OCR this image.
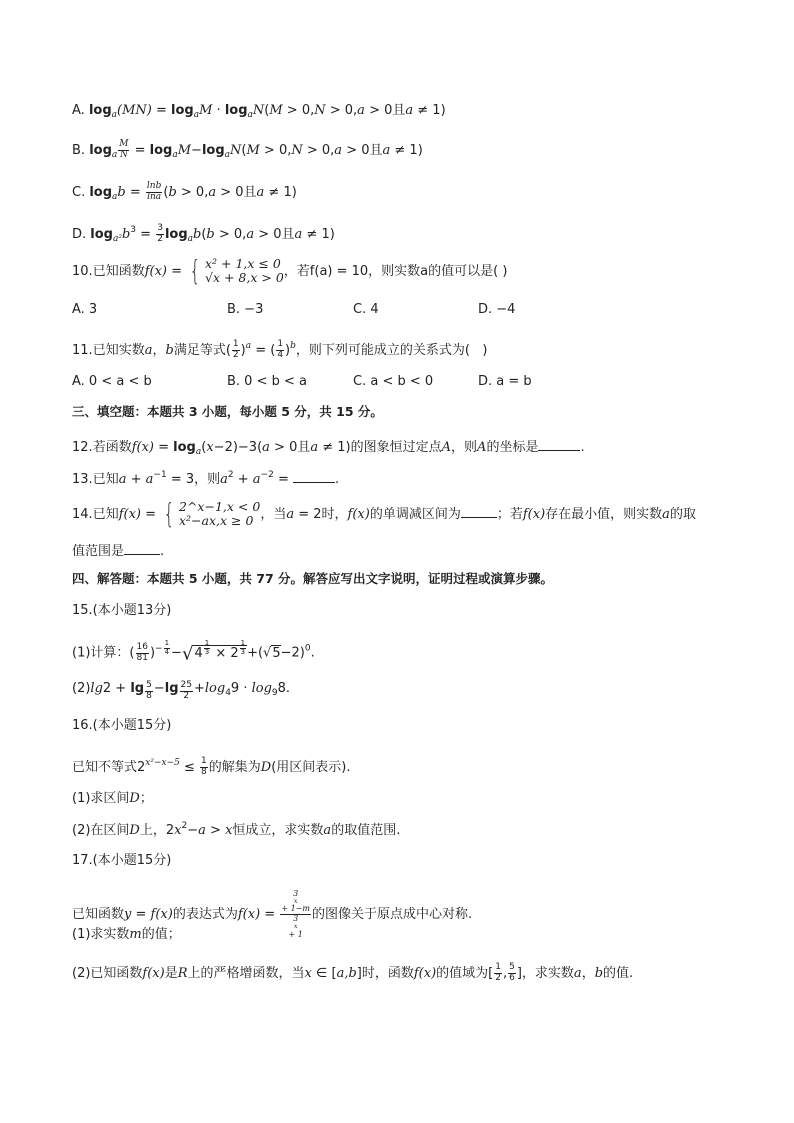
A. $\log_a(MN) = \log_aM \cdot \log_aN(M > 0,N > 0,a > 0$且a ≠ 1)
B. $\log_a \frac{M}{N} = \log_aM-\log_aN(M > 0,N > 0,a > 0$且a ≠ 1)
C. $\log_ab = \frac{\ln b}{\ln a} (b > 0,a > 0$且a ≠ 1)
D. $\log_{a^2}b^3 = \frac{3}{2} \log_ab(b > 0,a > 0$且a ≠ 1)
10.已知函数f(x) = { x² + 1,x ≤ 0
√x + 8,x > 0 ，若f(a) = 10，则实数a的值可以是( )
A. 3	B. −3	C. 4	D. −4
11.已知实数a，b满足等式( $\frac{1}{2} )^a$ = ( $\frac{1}{4} )^b$，则下列可能成立的关系式为(   )
A. 0 < a < b	B. 0 < b < a	C. a < b < 0	D. a = b
三、填空题：本题共 3 小题，每小题 5 分，共 15 分。
12.若函数$f(x) = \log_a(x-2)-3(a > 0$且a ≠ 1)的图象恒过定点A，则A的坐标是	.
13.已知$a + a^{-1} = 3$，则$a^2 + a^{-2}$ =	.
14.已知f(x) = { 2^x−1,x < 0
x²−ax,x ≥ 0 ，当a = 2时，f(x)的单调减区间为	；若f(x)存在最小值，则实数a的取
值范围是	.
四、解答题：本题共 5 小题，共 77 分。解答应写出文字说明，证明过程或演算步骤。
15.(本小题13分)
(1)计算：( $\frac{16}{81} )^{- \frac{1}{4}} -√4$ $^{\frac{1}{3}}$ × 2 $^{\frac{1}{3}} +(√5-2)^0$.
$(2)\lg 2 + \lg \frac{5}{8} -\lg \frac{25}{2} +\log_49 \cdot \log_98$.
16.(本小题15分)
已知不等式$2^{x^2-x-5} \le \frac{1}{8}$ 的解集为D(用区间表示).
(1)求区间D；
(2)在区间D上，$2x^2-a > x$恒成立，求实数a的取值范围.
17.(本小题15分)
已知函数y = f(x)的表达式为f(x) = 3
x
+ 1−m
3
x
+ 1 的图像关于原点成中心对称.
(1)求实数m的值；
(2)已知函数f(x)是R上的严格增函数，当x ∈ [a,b]时，函数f(x)的值域为[ $\frac{1}{2}$ , $\frac{5}{6}$ ]，求实数a，b的值.
